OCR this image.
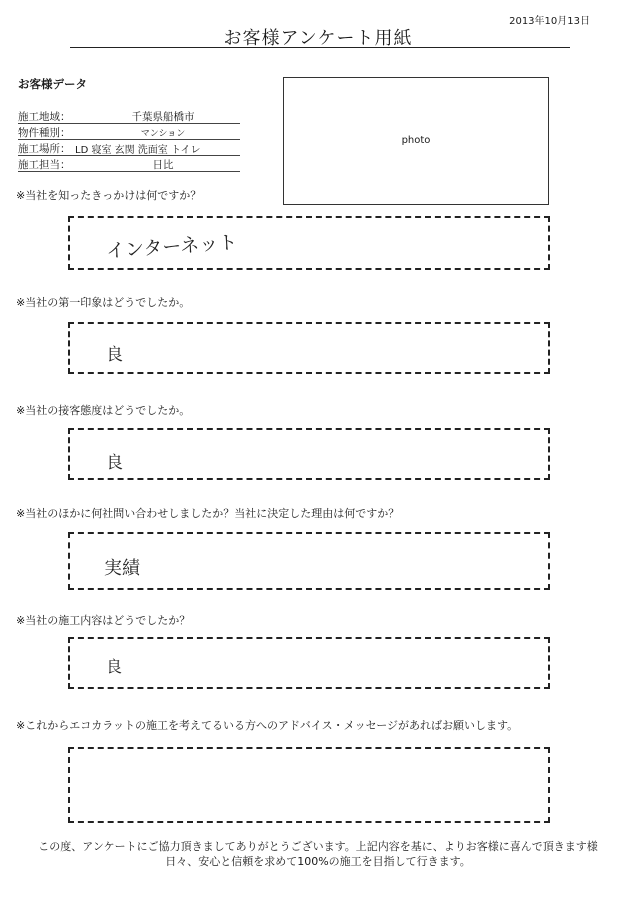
2013年10月13日
お客様アンケート用紙
お客様データ
施工地域：	千葉県船橋市
物件種別：	マンション
施工場所： LD 寝室 玄関 洗面室 トイレ
施工担当：	日比
photo
※当社を知ったきっかけは何ですか？
インターネット
※当社の第一印象はどうでしたか。
良
※当社の接客態度はどうでしたか。
良
※当社のほかに何社問い合わせしましたか？当社に決定した理由は何ですか？
実績
※当社の施工内容はどうでしたか？
良
※これからエコカラットの施工を考えてるいる方へのアドバイス・メッセージがあればお願いします。
この度、アンケートにご協力頂きましてありがとうございます。上記内容を基に、よりお客様に喜んで頂きます様
日々、安心と信頼を求めて100%の施工を目指して行きます。
